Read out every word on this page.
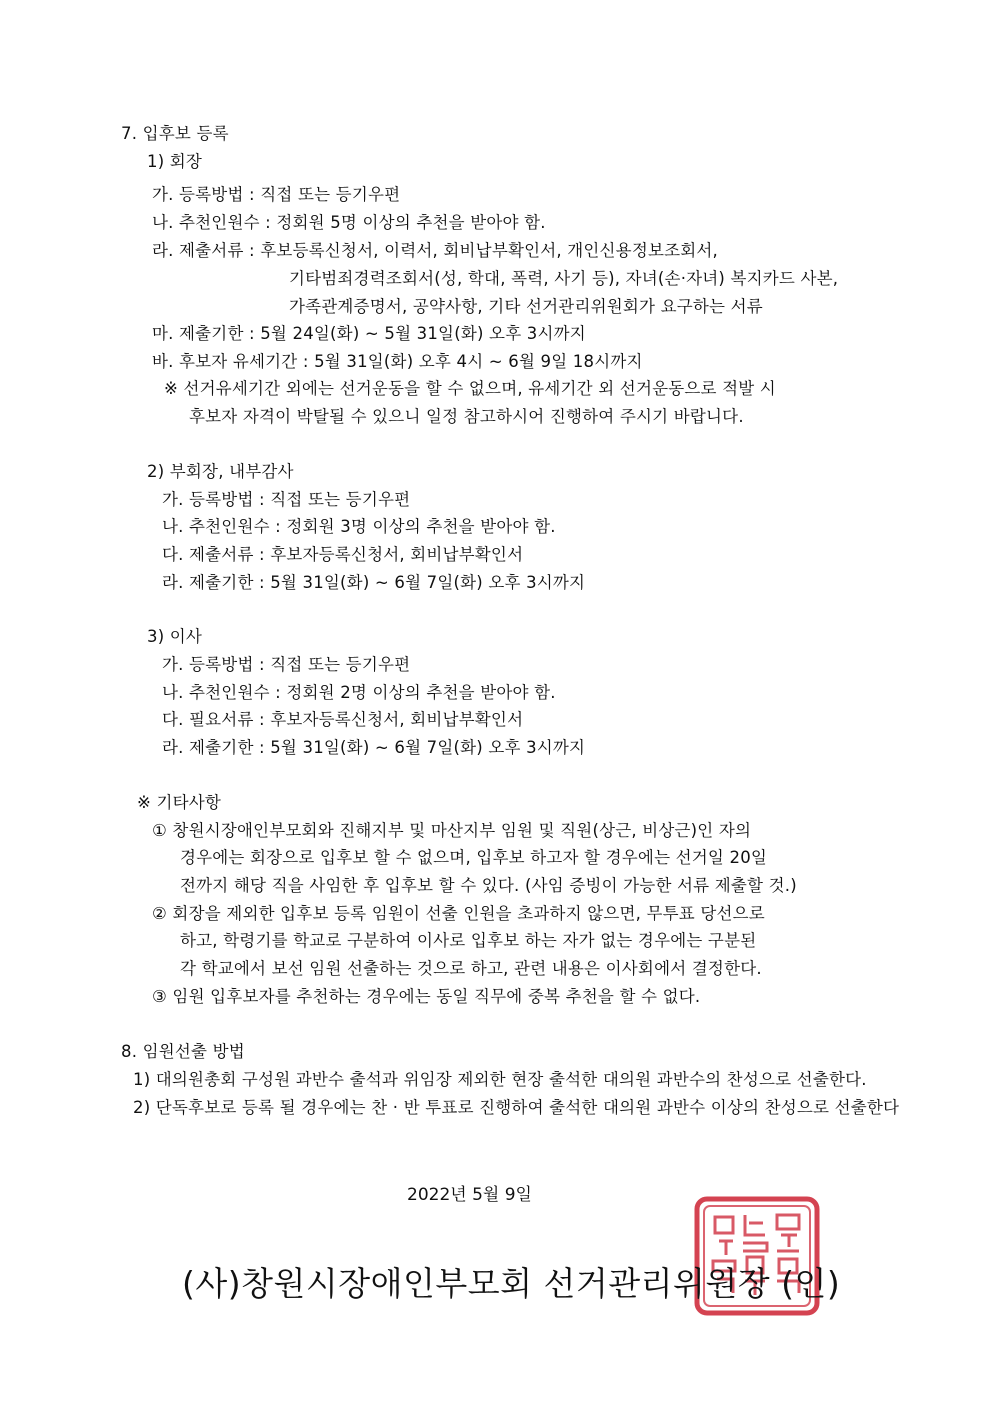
7. 입후보 등록
1) 회장
가. 등록방법 : 직접 또는 등기우편
나. 추천인원수 : 정회원 5명 이상의 추천을 받아야 함.
라. 제출서류 : 후보등록신청서, 이력서, 회비납부확인서, 개인신용정보조회서,
기타범죄경력조회서(성, 학대, 폭력, 사기 등), 자녀(손·자녀) 복지카드 사본,
가족관계증명서, 공약사항, 기타 선거관리위원회가 요구하는 서류
마. 제출기한 : 5월 24일(화) ~ 5월 31일(화) 오후 3시까지
바. 후보자 유세기간 : 5월 31일(화) 오후 4시 ~ 6월 9일 18시까지
※ 선거유세기간 외에는 선거운동을 할 수 없으며, 유세기간 외 선거운동으로 적발 시
후보자 자격이 박탈될 수 있으니 일정 참고하시어 진행하여 주시기 바랍니다.
2) 부회장, 내부감사
가. 등록방법 : 직접 또는 등기우편
나. 추천인원수 : 정회원 3명 이상의 추천을 받아야 함.
다. 제출서류 : 후보자등록신청서, 회비납부확인서
라. 제출기한 : 5월 31일(화) ~ 6월 7일(화) 오후 3시까지
3) 이사
가. 등록방법 : 직접 또는 등기우편
나. 추천인원수 : 정회원 2명 이상의 추천을 받아야 함.
다. 필요서류 : 후보자등록신청서, 회비납부확인서
라. 제출기한 : 5월 31일(화) ~ 6월 7일(화) 오후 3시까지
※ 기타사항
① 창원시장애인부모회와 진해지부 및 마산지부 임원 및 직원(상근, 비상근)인 자의
경우에는 회장으로 입후보 할 수 없으며, 입후보 하고자 할 경우에는 선거일 20일
전까지 해당 직을 사임한 후 입후보 할 수 있다. (사임 증빙이 가능한 서류 제출할 것.)
② 회장을 제외한 입후보 등록 임원이 선출 인원을 초과하지 않으면, 무투표 당선으로
하고, 학령기를 학교로 구분하여 이사로 입후보 하는 자가 없는 경우에는 구분된
각 학교에서 보선 임원 선출하는 것으로 하고, 관련 내용은 이사회에서 결정한다.
③ 임원 입후보자를 추천하는 경우에는 동일 직무에 중복 추천을 할 수 없다.
8. 임원선출 방법
1) 대의원총회 구성원 과반수 출석과 위임장 제외한 현장 출석한 대의원 과반수의 찬성으로 선출한다.
2) 단독후보로 등록 될 경우에는 찬 · 반 투표로 진행하여 출석한 대의원 과반수 이상의 찬성으로 선출한다
2022년 5월 9일
(사)창원시장애인부모회 선거관리위원장 (인)
